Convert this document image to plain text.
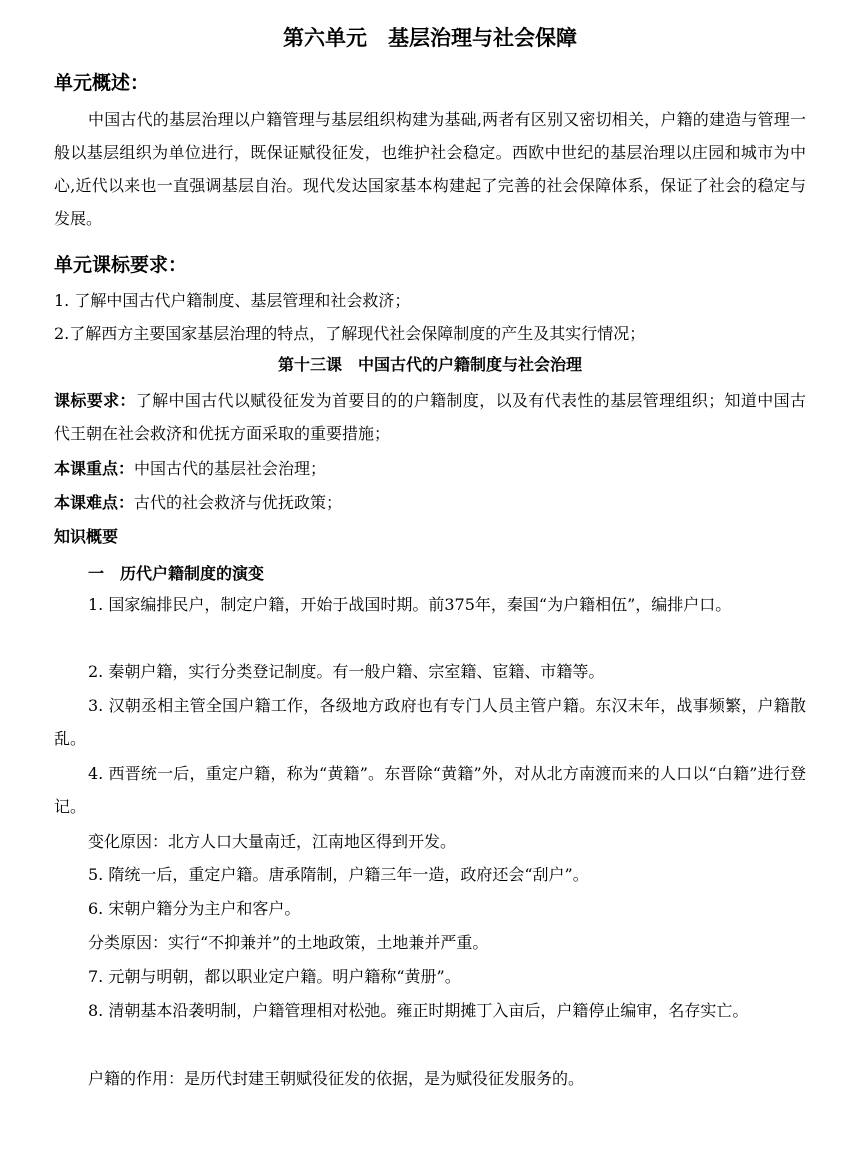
第六单元　基层治理与社会保障
单元概述：
中国古代的基层治理以户籍管理与基层组织构建为基础,两者有区别又密切相关，户籍的建造与管理一般以基层组织为单位进行，既保证赋役征发，也维护社会稳定。西欧中世纪的基层治理以庄园和城市为中心,近代以来也一直强调基层自治。现代发达国家基本构建起了完善的社会保障体系，保证了社会的稳定与发展。
单元课标要求：
1. 了解中国古代户籍制度、基层管理和社会救济；
2.了解西方主要国家基层治理的特点，了解现代社会保障制度的产生及其实行情况；
第十三课　中国古代的户籍制度与社会治理
课标要求：了解中国古代以赋役征发为首要目的的户籍制度，以及有代表性的基层管理组织；知道中国古代王朝在社会救济和优抚方面采取的重要措施；
本课重点：中国古代的基层社会治理；
本课难点：古代的社会救济与优抚政策；
知识概要
一　历代户籍制度的演变
1. 国家编排民户，制定户籍，开始于战国时期。前375年，秦国“为户籍相伍”，编排户口。
2. 秦朝户籍，实行分类登记制度。有一般户籍、宗室籍、宦籍、市籍等。
3. 汉朝丞相主管全国户籍工作，各级地方政府也有专门人员主管户籍。东汉末年，战事频繁，户籍散乱。
4. 西晋统一后，重定户籍，称为“黄籍”。东晋除“黄籍”外，对从北方南渡而来的人口以“白籍”进行登记。
变化原因：北方人口大量南迁，江南地区得到开发。
5. 隋统一后，重定户籍。唐承隋制，户籍三年一造，政府还会“刮户”。
6. 宋朝户籍分为主户和客户。
分类原因：实行“不抑兼并”的土地政策，土地兼并严重。
7. 元朝与明朝，都以职业定户籍。明户籍称“黄册”。
8. 清朝基本沿袭明制，户籍管理相对松弛。雍正时期摊丁入亩后，户籍停止编审，名存实亡。
户籍的作用：是历代封建王朝赋役征发的依据，是为赋役征发服务的。
